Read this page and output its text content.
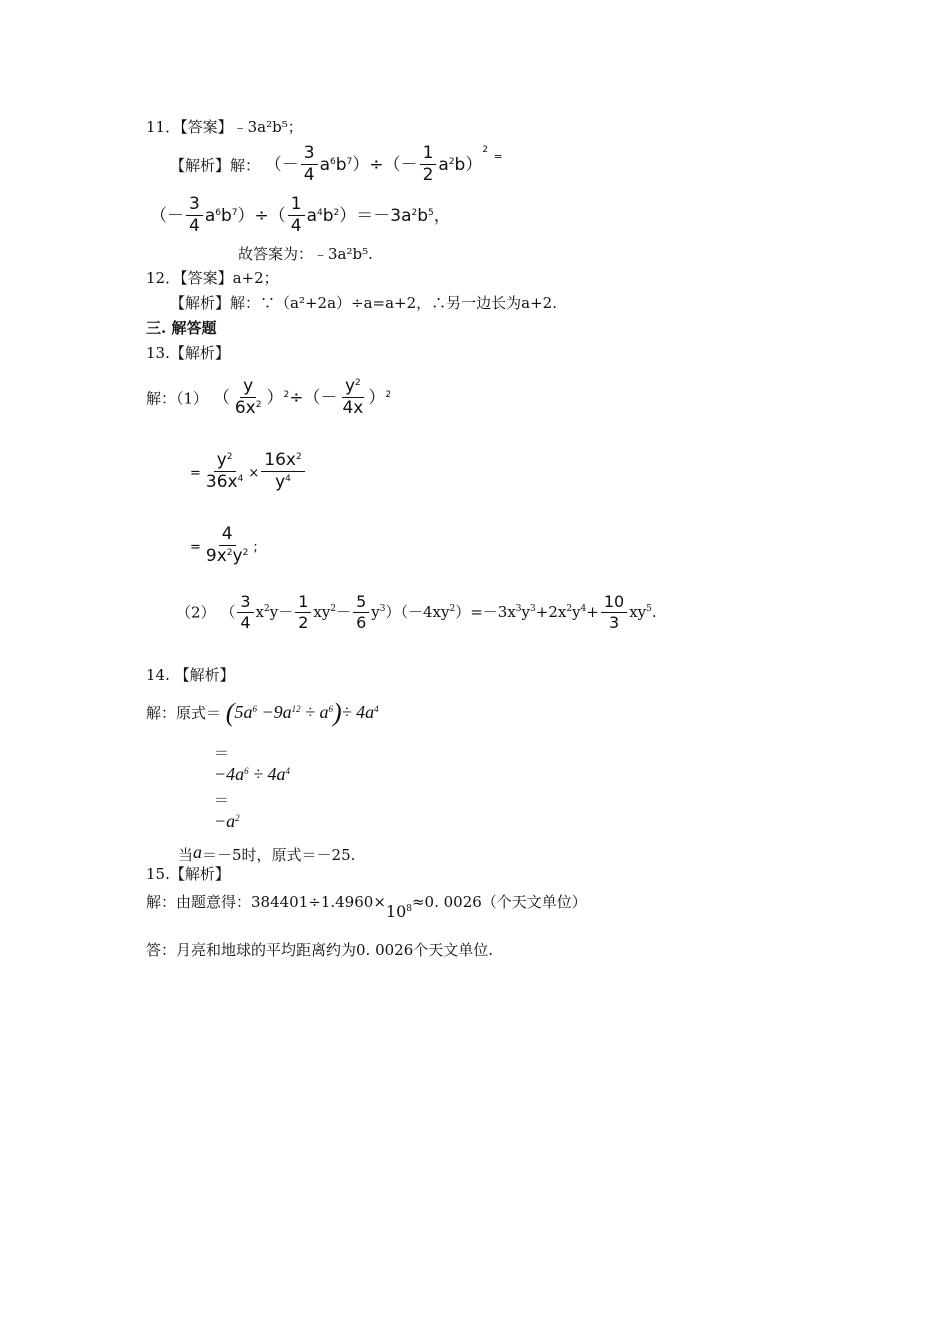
11．【答案】﹣3a²b⁵；
【解析】解： （－ $\frac{3}{4} a^6b^7)\div(- \frac{1}{2} a^2b)^2$ =
（－ $\frac{3}{4} a^6b^7)\div( \frac{1}{4} a^4b^2)=-3a^2b^5$，
故答案为：﹣3a²b⁵.
12．【答案】a+2；
【解析】解：∵（a²+2a）÷a=a+2，∴另一边长为a+2.
三. 解答题
13.【解析】
解：（1） （ $\frac{y}{6x^2} )^2\div(- \frac{y^2}{4x} )^2$
= $\frac{y^2}{36x^4} \times \frac{16x^2}{y^4}$
= $\frac{4}{9x^2y^2}$ ;
（2） （ $\frac{3}{4} x^2y- \frac{1}{2} xy^2- \frac{5}{6} y^3)(-4xy^2)=-3x^3y^3+2x^2y^4+ \frac{10}{3} xy^5$.
14. 【解析】
解：原式＝ $(5a^6 -9a^{12} \div a^6)\div 4a^4$
＝
$-4a^6 \div 4a^4$
＝
$-a^2$
当a＝－5时，原式＝－25.
15.【解析】
解：由题意得：$384401\div 1.4960\times 10^8\approx 0$. 0026（个天文单位）
答：月亮和地球的平均距离约为0. 0026个天文单位.
